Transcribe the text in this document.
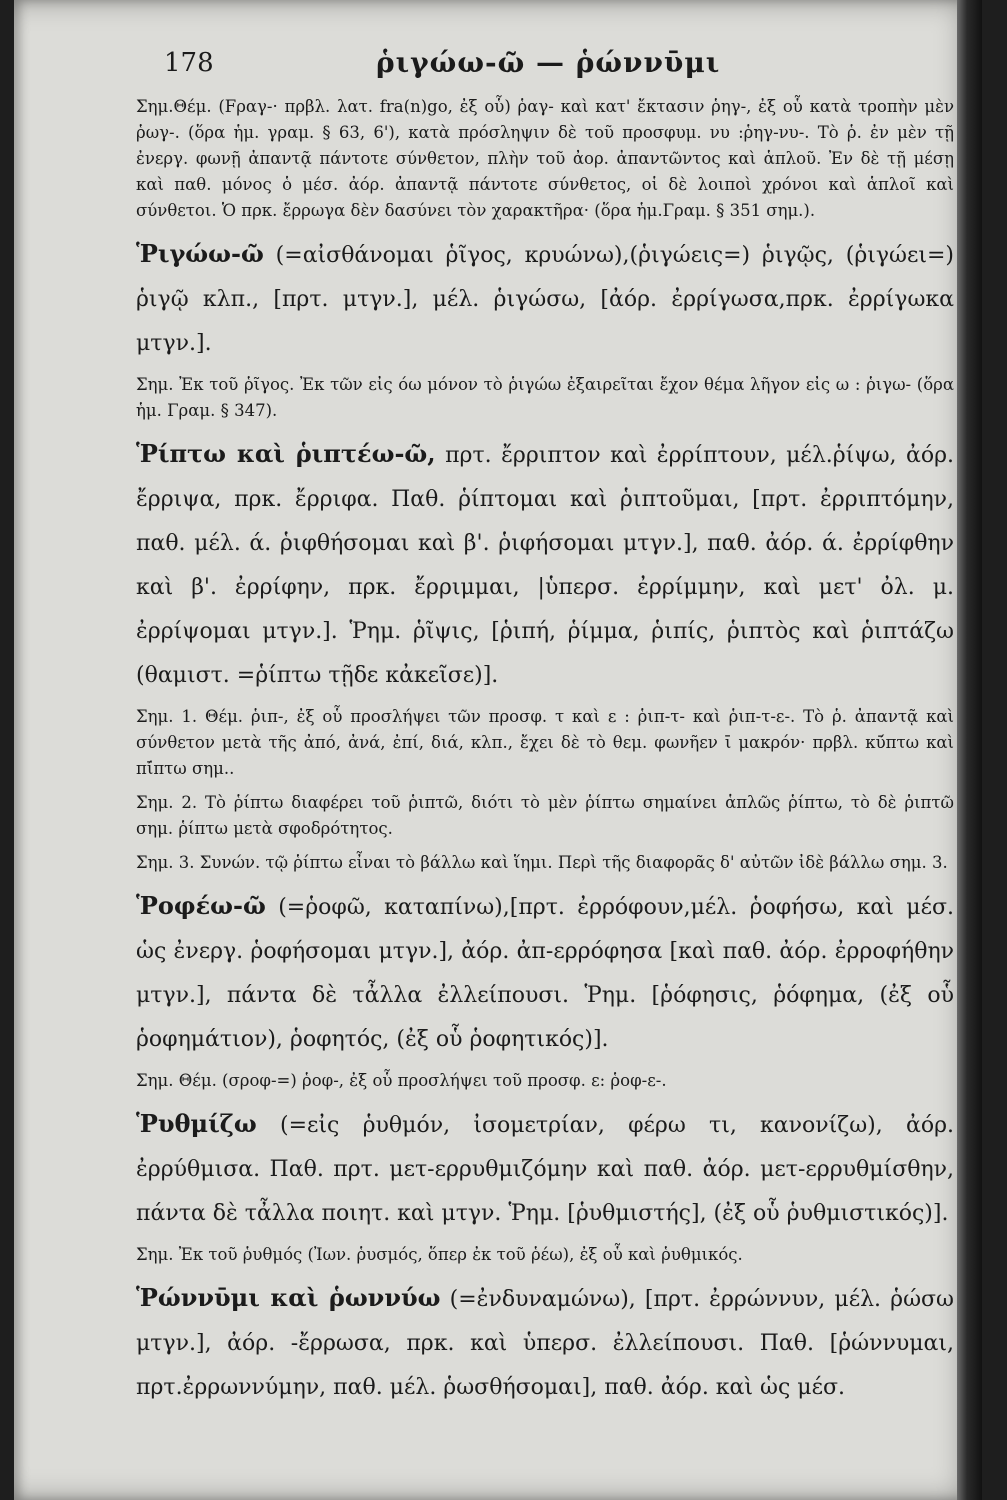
178	ῥιγώω-ῶ — ῥώννῡμι

Σημ.Θέμ. (Fραγ-· πρβλ. λατ. fra(n)go, ἐξ οὗ) ῥαγ- καὶ κατ' ἔκτασιν ῥηγ-, ἐξ οὗ κατὰ τροπὴν μὲν ῥωγ-. (ὅρα ἡμ. γραμ. § 63, 6'), κατὰ πρόσληψιν δὲ τοῦ προσφυμ. νυ :ῥηγ-νυ-. Τὸ ῥ. ἐν μὲν τῇ ἐνεργ. φωνῇ ἀπαντᾷ πάντοτε σύνθετον, πλὴν τοῦ ἀορ. ἀπαντῶντος καὶ ἁπλοῦ. Ἐν δὲ τῇ μέσῃ καὶ παθ. μόνος ὁ μέσ. ἀόρ. ἀπαντᾷ πάντοτε σύνθετος, οἱ δὲ λοιποὶ χρόνοι καὶ ἁπλοῖ καὶ σύνθετοι. Ὁ πρκ. ἔρρωγα δὲν δασύνει τὸν χαρακτῆρα· (ὅρα ἡμ.Γραμ. § 351 σημ.).

Ῥιγώω-ῶ (=αἰσθάνομαι ῥῖγος, κρυώνω),(ῥιγώεις=) ῥιγῷς, (ῥιγώει=) ῥιγῷ κλπ., [πρτ. μτγν.], μέλ. ῥιγώσω, [ἀόρ. ἐρρίγωσα,πρκ. ἐρρίγωκα μτγν.].

Σημ. Ἐκ τοῦ ῥῖγος. Ἐκ τῶν εἰς όω μόνον τὸ ῥιγώω ἐξαιρεῖται ἔχον θέμα λῆγον εἰς ω : ῥιγω- (ὅρα ἡμ. Γραμ. § 347).

Ῥίπτω καὶ ῥιπτέω-ῶ, πρτ. ἔρριπτον καὶ ἐρρίπτουν, μέλ.ῥίψω, ἀόρ. ἔρριψα, πρκ. ἔρριφα. Παθ. ῥίπτομαι καὶ ῥιπτοῦμαι, [πρτ. ἐρριπτόμην, παθ. μέλ. ά. ῥιφθήσομαι καὶ β'. ῥιφήσομαι μτγν.], παθ. ἀόρ. ά. ἐρρίφθην καὶ β'. ἐρρίφην, πρκ. ἔρριμμαι, |ὑπερσ. ἐρρίμμην, καὶ μετ' ὀλ. μ. ἐρρίψομαι μτγν.]. Ῥημ. ῥῖψις, [ῥιπή, ῥίμμα, ῥιπίς, ῥιπτὸς καὶ ῥιπτάζω (θαμιστ. =ῥίπτω τῇδε κἀκεῖσε)].

Σημ. 1. Θέμ. ῥιπ-, ἐξ οὗ προσλήψει τῶν προσφ. τ καὶ ε : ῥιπ-τ- καὶ ῥιπ-τ-ε-. Τὸ ῥ. ἀπαντᾷ καὶ σύνθετον μετὰ τῆς ἀπό, ἀνά, ἐπί, διά, κλπ., ἔχει δὲ τὸ θεμ. φωνῆεν ῑ μακρόν· πρβλ. κῡ́πτω καὶ πῑ́πτω σημ..

Σημ. 2. Τὸ ῥίπτω διαφέρει τοῦ ῥιπτῶ, διότι τὸ μὲν ῥίπτω σημαίνει ἁπλῶς ῥίπτω, τὸ δὲ ῥιπτῶ σημ. ῥίπτω μετὰ σφοδρότητος.

Σημ. 3. Συνών. τῷ ῥίπτω εἶναι τὸ βάλλω καὶ ἵημι. Περὶ τῆς διαφορᾶς δ' αὐτῶν ἰδὲ βάλλω σημ. 3.

Ῥοφέω-ῶ (=ῥοφῶ, καταπίνω),[πρτ. ἐρρόφουν,μέλ. ῥοφήσω, καὶ μέσ. ὡς ἐνεργ. ῥοφήσομαι μτγν.], ἀόρ. ἀπ-ερρόφησα [καὶ παθ. ἀόρ. ἐρροφήθην μτγν.], πάντα δὲ τἆλλα ἐλλείπουσι. Ῥημ. [ῥόφησις, ῥόφημα, (ἐξ οὗ ῥοφημάτιον), ῥοφητός, (ἐξ οὗ ῥοφητικός)].

Σημ. Θέμ. (σροφ-=) ῥοφ-, ἐξ οὗ προσλήψει τοῦ προσφ. ε: ῥοφ-ε-.

Ῥυθμίζω (=εἰς ῥυθμόν, ἰσομετρίαν, φέρω τι, κανονίζω), ἀόρ. ἐρρύθμισα. Παθ. πρτ. μετ-ερρυθμιζόμην καὶ παθ. ἀόρ. μετ-ερρυθμίσθην, πάντα δὲ τἆλλα ποιητ. καὶ μτγν. Ῥημ. [ῥυθμιστής], (ἐξ οὗ ῥυθμιστικός)].

Σημ. Ἐκ τοῦ ῥυθμός (Ἰων. ῥυσμός, ὅπερ ἐκ τοῦ ῥέω), ἐξ οὗ καὶ ῥυθμικός.

Ῥώννῡμι καὶ ῥωννύω (=ἐνδυναμώνω), [πρτ. ἐρρώννυν, μέλ. ῥώσω μτγν.], ἀόρ. -ἔρρωσα, πρκ. καὶ ὑπερσ. ἐλλείπουσι. Παθ. [ῥώννυμαι, πρτ.ἐρρωννύμην, παθ. μέλ. ῥωσθήσομαι], παθ. ἀόρ. καὶ ὡς μέσ.
